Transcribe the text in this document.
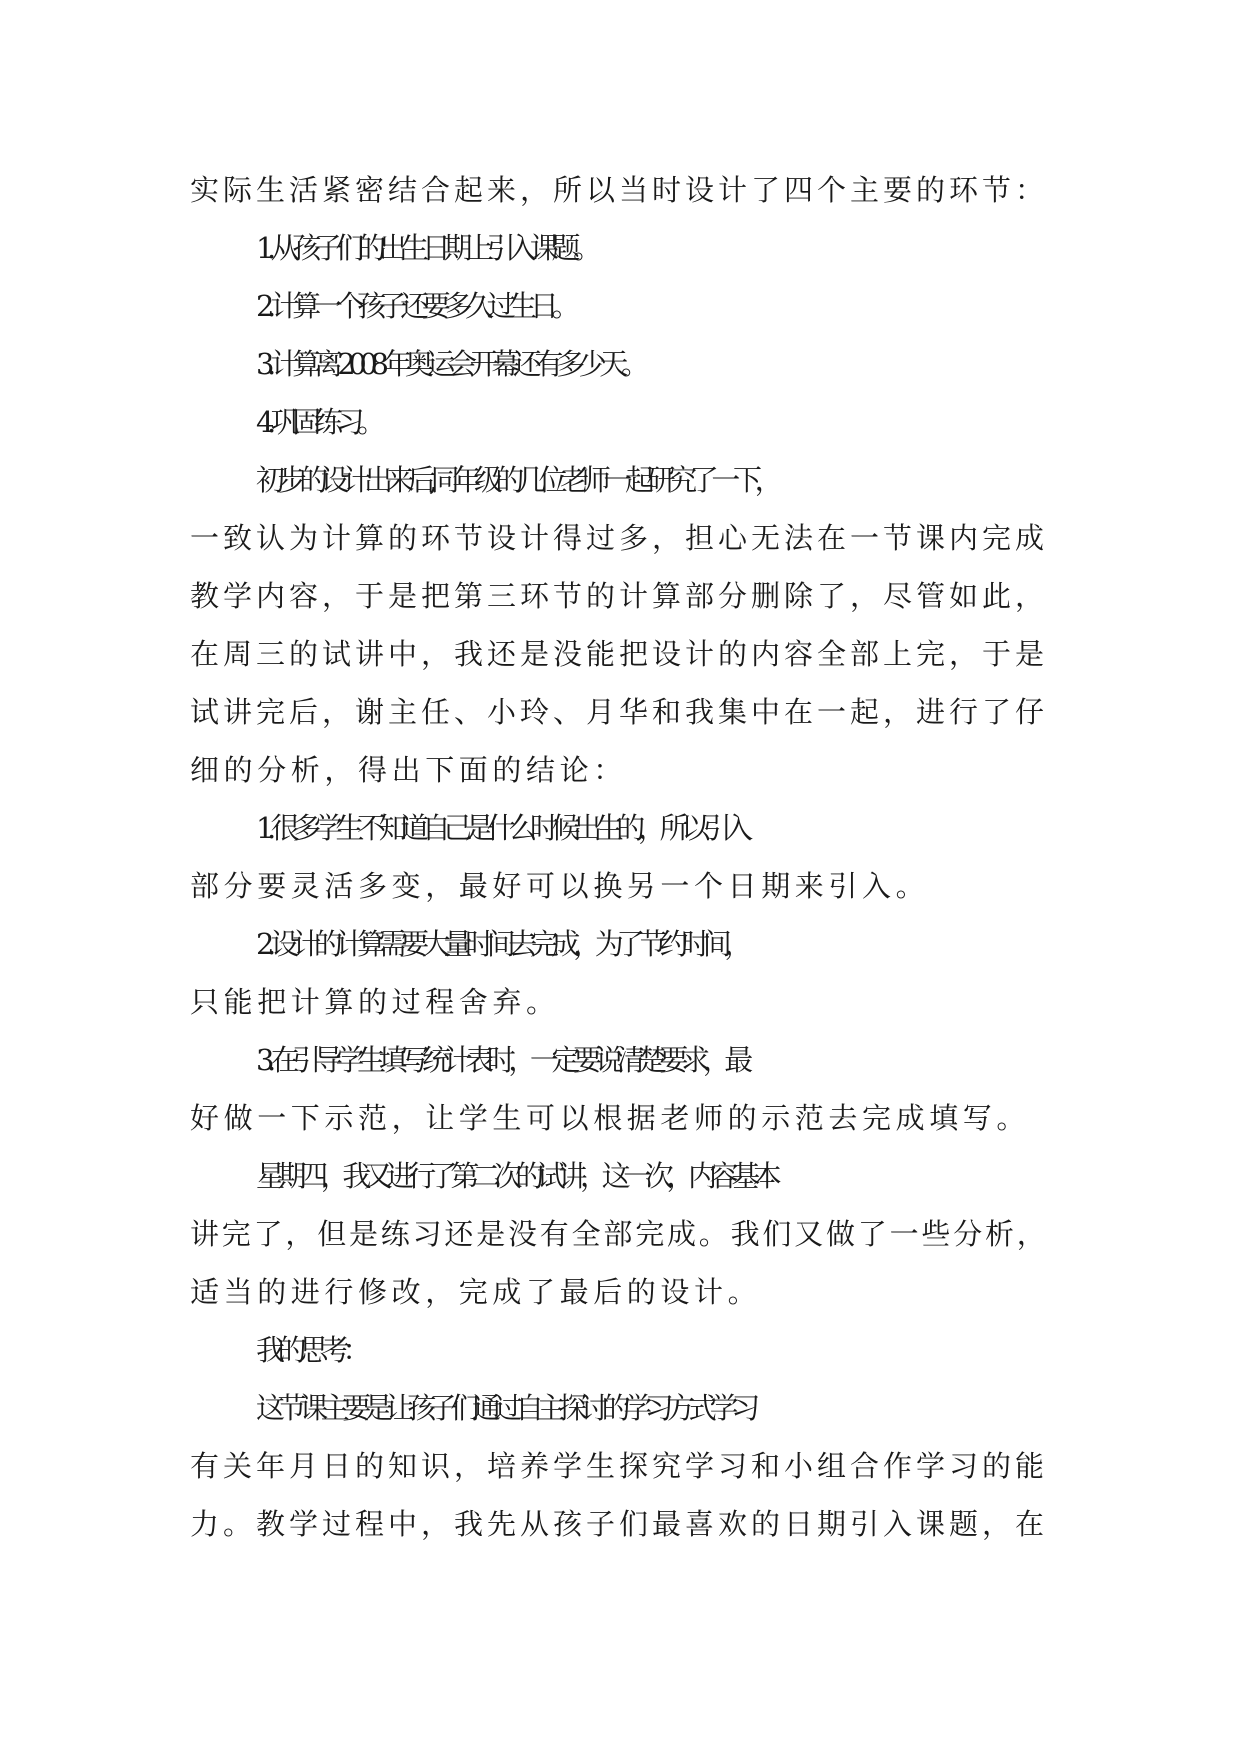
实际生活紧密结合起来，所以当时设计了四个主要的环节：
1. 从孩子们的出生日期上引入课题。
2. 计算一个孩子还要多久过生日。
3. 计算离 2008 年奥运会开幕还有多少天。
4. 巩固练习。
初步的设计出来后,同年级的几位老师一起研究了一下，
一致认为计算的环节设计得过多，担心无法在一节课内完成
教学内容，于是把第三环节的计算部分删除了，尽管如此，
在周三的试讲中，我还是没能把设计的内容全部上完，于是
试讲完后，谢主任、小玲、月华和我集中在一起，进行了仔
细的分析，得出下面的结论：
1. 很多学生不知道自己是什么时候出生的，所以引入
部分要灵活多变，最好可以换另一个日期来引入。
2. 设计的计算需要大量时间去完成，为了节约时间，
只能把计算的过程舍弃。
3. 在引导学生填写统计表时，一定要说清楚要求，最
好做一下示范，让学生可以根据老师的示范去完成填写。
星期四，我又进行了第二次的试讲，这一次，内容基本
讲完了，但是练习还是没有全部完成。我们又做了一些分析，
适当的进行修改，完成了最后的设计。
我的思考：
这节课主要是让孩子们通过自主探讨的学习方式学习
有关年月日的知识，培养学生探究学习和小组合作学习的能
力。教学过程中，我先从孩子们最喜欢的日期引入课题，在
